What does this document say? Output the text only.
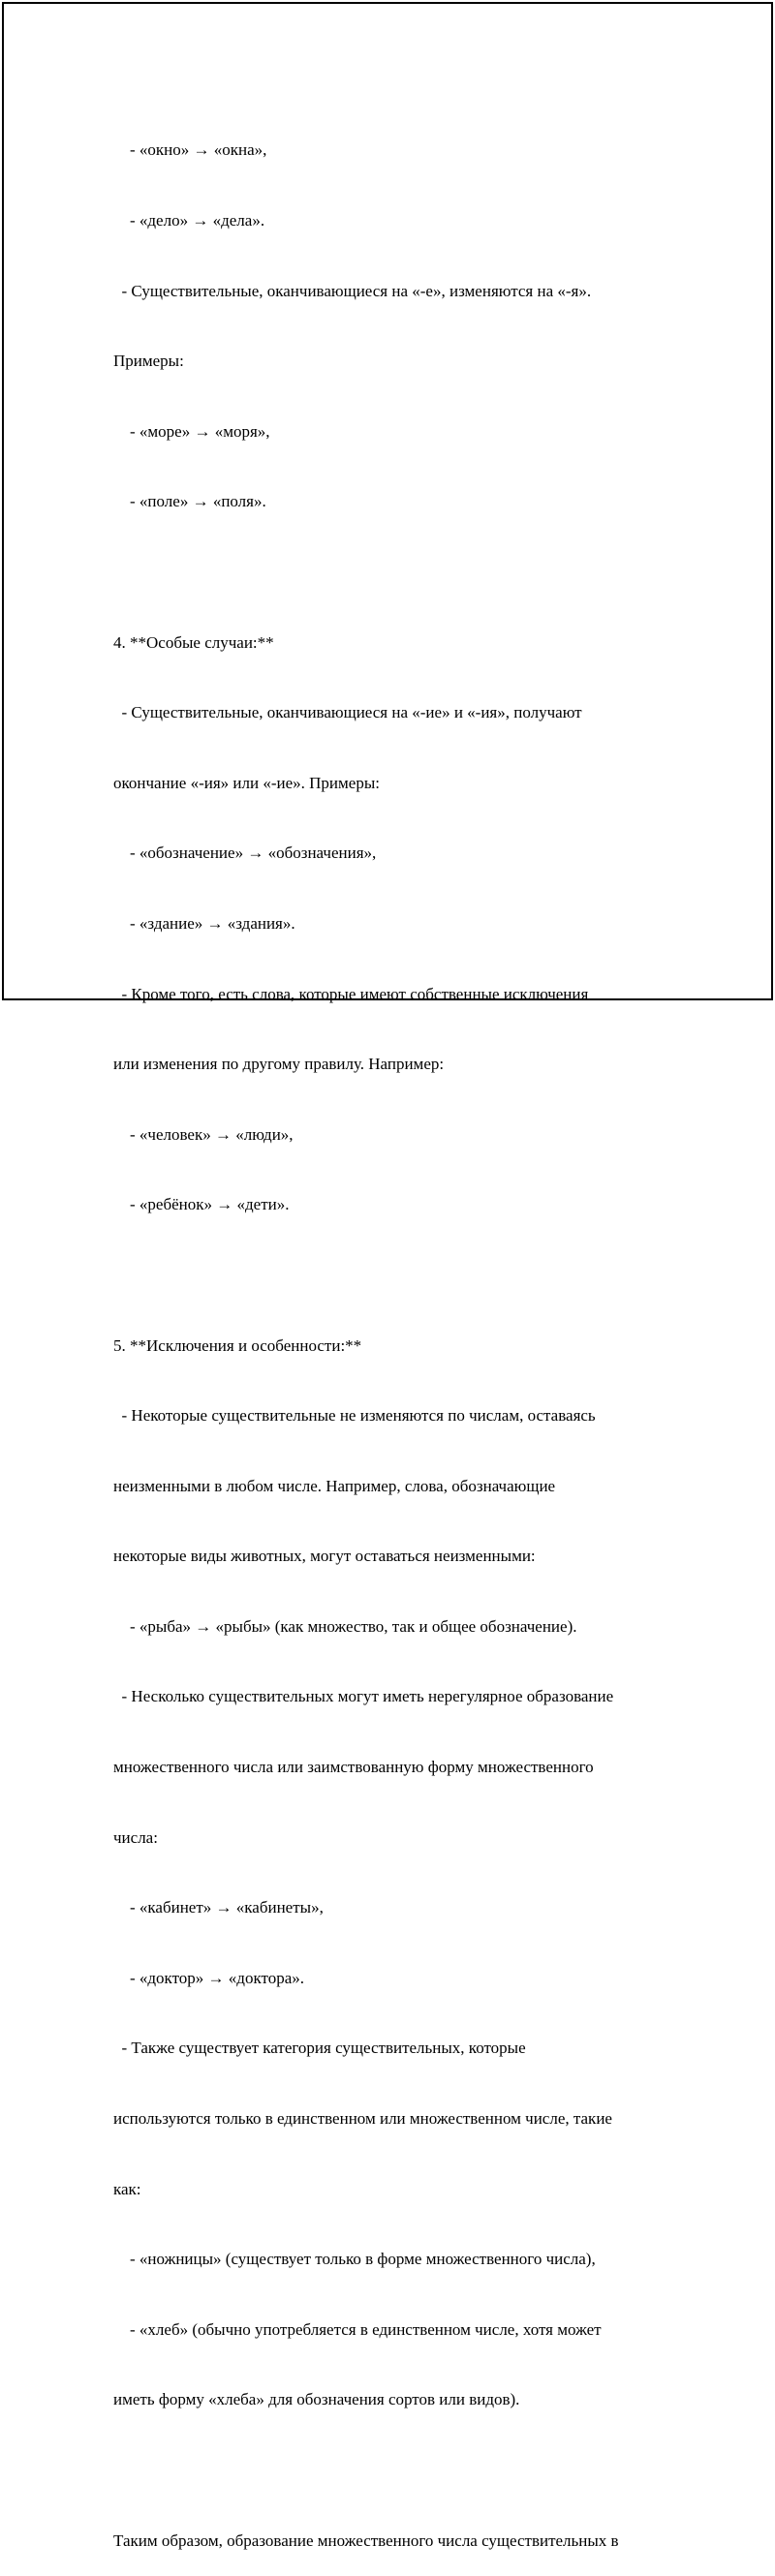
- «окно» → «окна»,

- «дело» → «дела».

- Существительные, оканчивающиеся на «-е», изменяются на «-я».

Примеры:

- «море» → «моря»,

- «поле» → «поля».

4. **Особые случаи:**

- Существительные, оканчивающиеся на «-ие» и «-ия», получают

окончание «-ия» или «-ие». Примеры:

- «обозначение» → «обозначения»,

- «здание» → «здания».

- Кроме того, есть слова, которые имеют собственные исключения

или изменения по другому правилу. Например:

- «человек» → «люди»,

- «ребёнок» → «дети».

5. **Исключения и особенности:**

- Некоторые существительные не изменяются по числам, оставаясь

неизменными в любом числе. Например, слова, обозначающие

некоторые виды животных, могут оставаться неизменными:

- «рыба» → «рыбы» (как множество, так и общее обозначение).

- Несколько существительных могут иметь нерегулярное образование

множественного числа или заимствованную форму множественного

числа:

- «кабинет» → «кабинеты»,

- «доктор» → «доктора».

- Также существует категория существительных, которые

используются только в единственном или множественном числе, такие

как:

- «ножницы» (существует только в форме множественного числа),

- «хлеб» (обычно употребляется в единственном числе, хотя может

иметь форму «хлеба» для обозначения сортов или видов).

Таким образом, образование множественного числа существительных в
